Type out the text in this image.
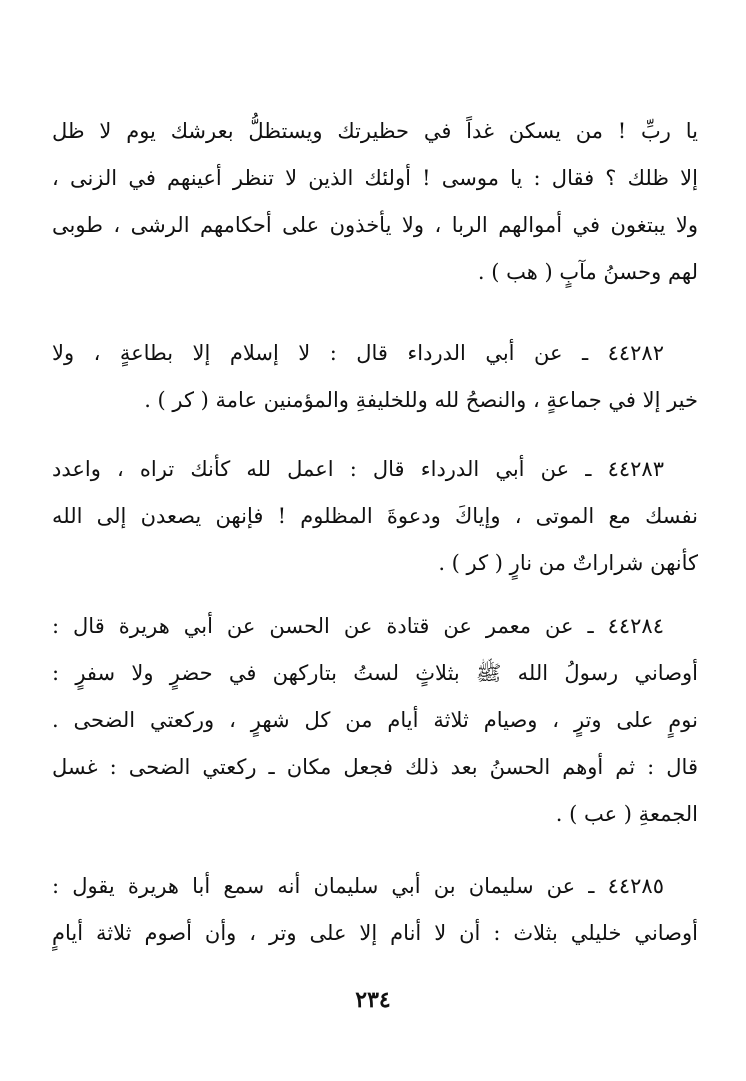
يا ربِّ ! من يسكن غداً في حظيرتك ويستظلُّ بعرشك يوم لا ظل
إلا ظلك ؟ فقال : يا موسى ! أولئك الذين لا تنظر أعينهم في الزنى ،
ولا يبتغون في أموالهم الربا ، ولا يأخذون على أحكامهم الرشى ، طوبى
لهم وحسنُ مآبٍ ( هب ) .
٤٤٢٨٢ ـ عن أبي الدرداء قال : لا إسلام إلا بطاعةٍ ، ولا
خير إلا في جماعةٍ ، والنصحُ لله وللخليفةِ والمؤمنين عامة ( كر ) .
٤٤٢٨٣ ـ عن أبي الدرداء قال : اعمل لله كأنك تراه ، واعدد
نفسك مع الموتى ، وإياكَ ودعوةَ المظلوم ! فإنهن يصعدن إلى الله
كأنهن شراراتٌ من نارٍ ( كر ) .
٤٤٢٨٤ ـ عن معمر عن قتادة عن الحسن عن أبي هريرة قال :
أوصاني رسولُ الله ﷺ بثلاثٍ لستُ بتاركهن في حضرٍ ولا سفرٍ :
نومٍ على وترٍ ، وصيام ثلاثة أيام من كل شهرٍ ، وركعتي الضحى .
قال : ثم أوهم الحسنُ بعد ذلك فجعل مكان ـ ركعتي الضحى : غسل
الجمعةِ ( عب ) .
٤٤٢٨٥ ـ عن سليمان بن أبي سليمان أنه سمع أبا هريرة يقول :
أوصاني خليلي بثلاث : أن لا أنام إلا على وتر ، وأن أصوم ثلاثة أيامٍ
٢٣٤
